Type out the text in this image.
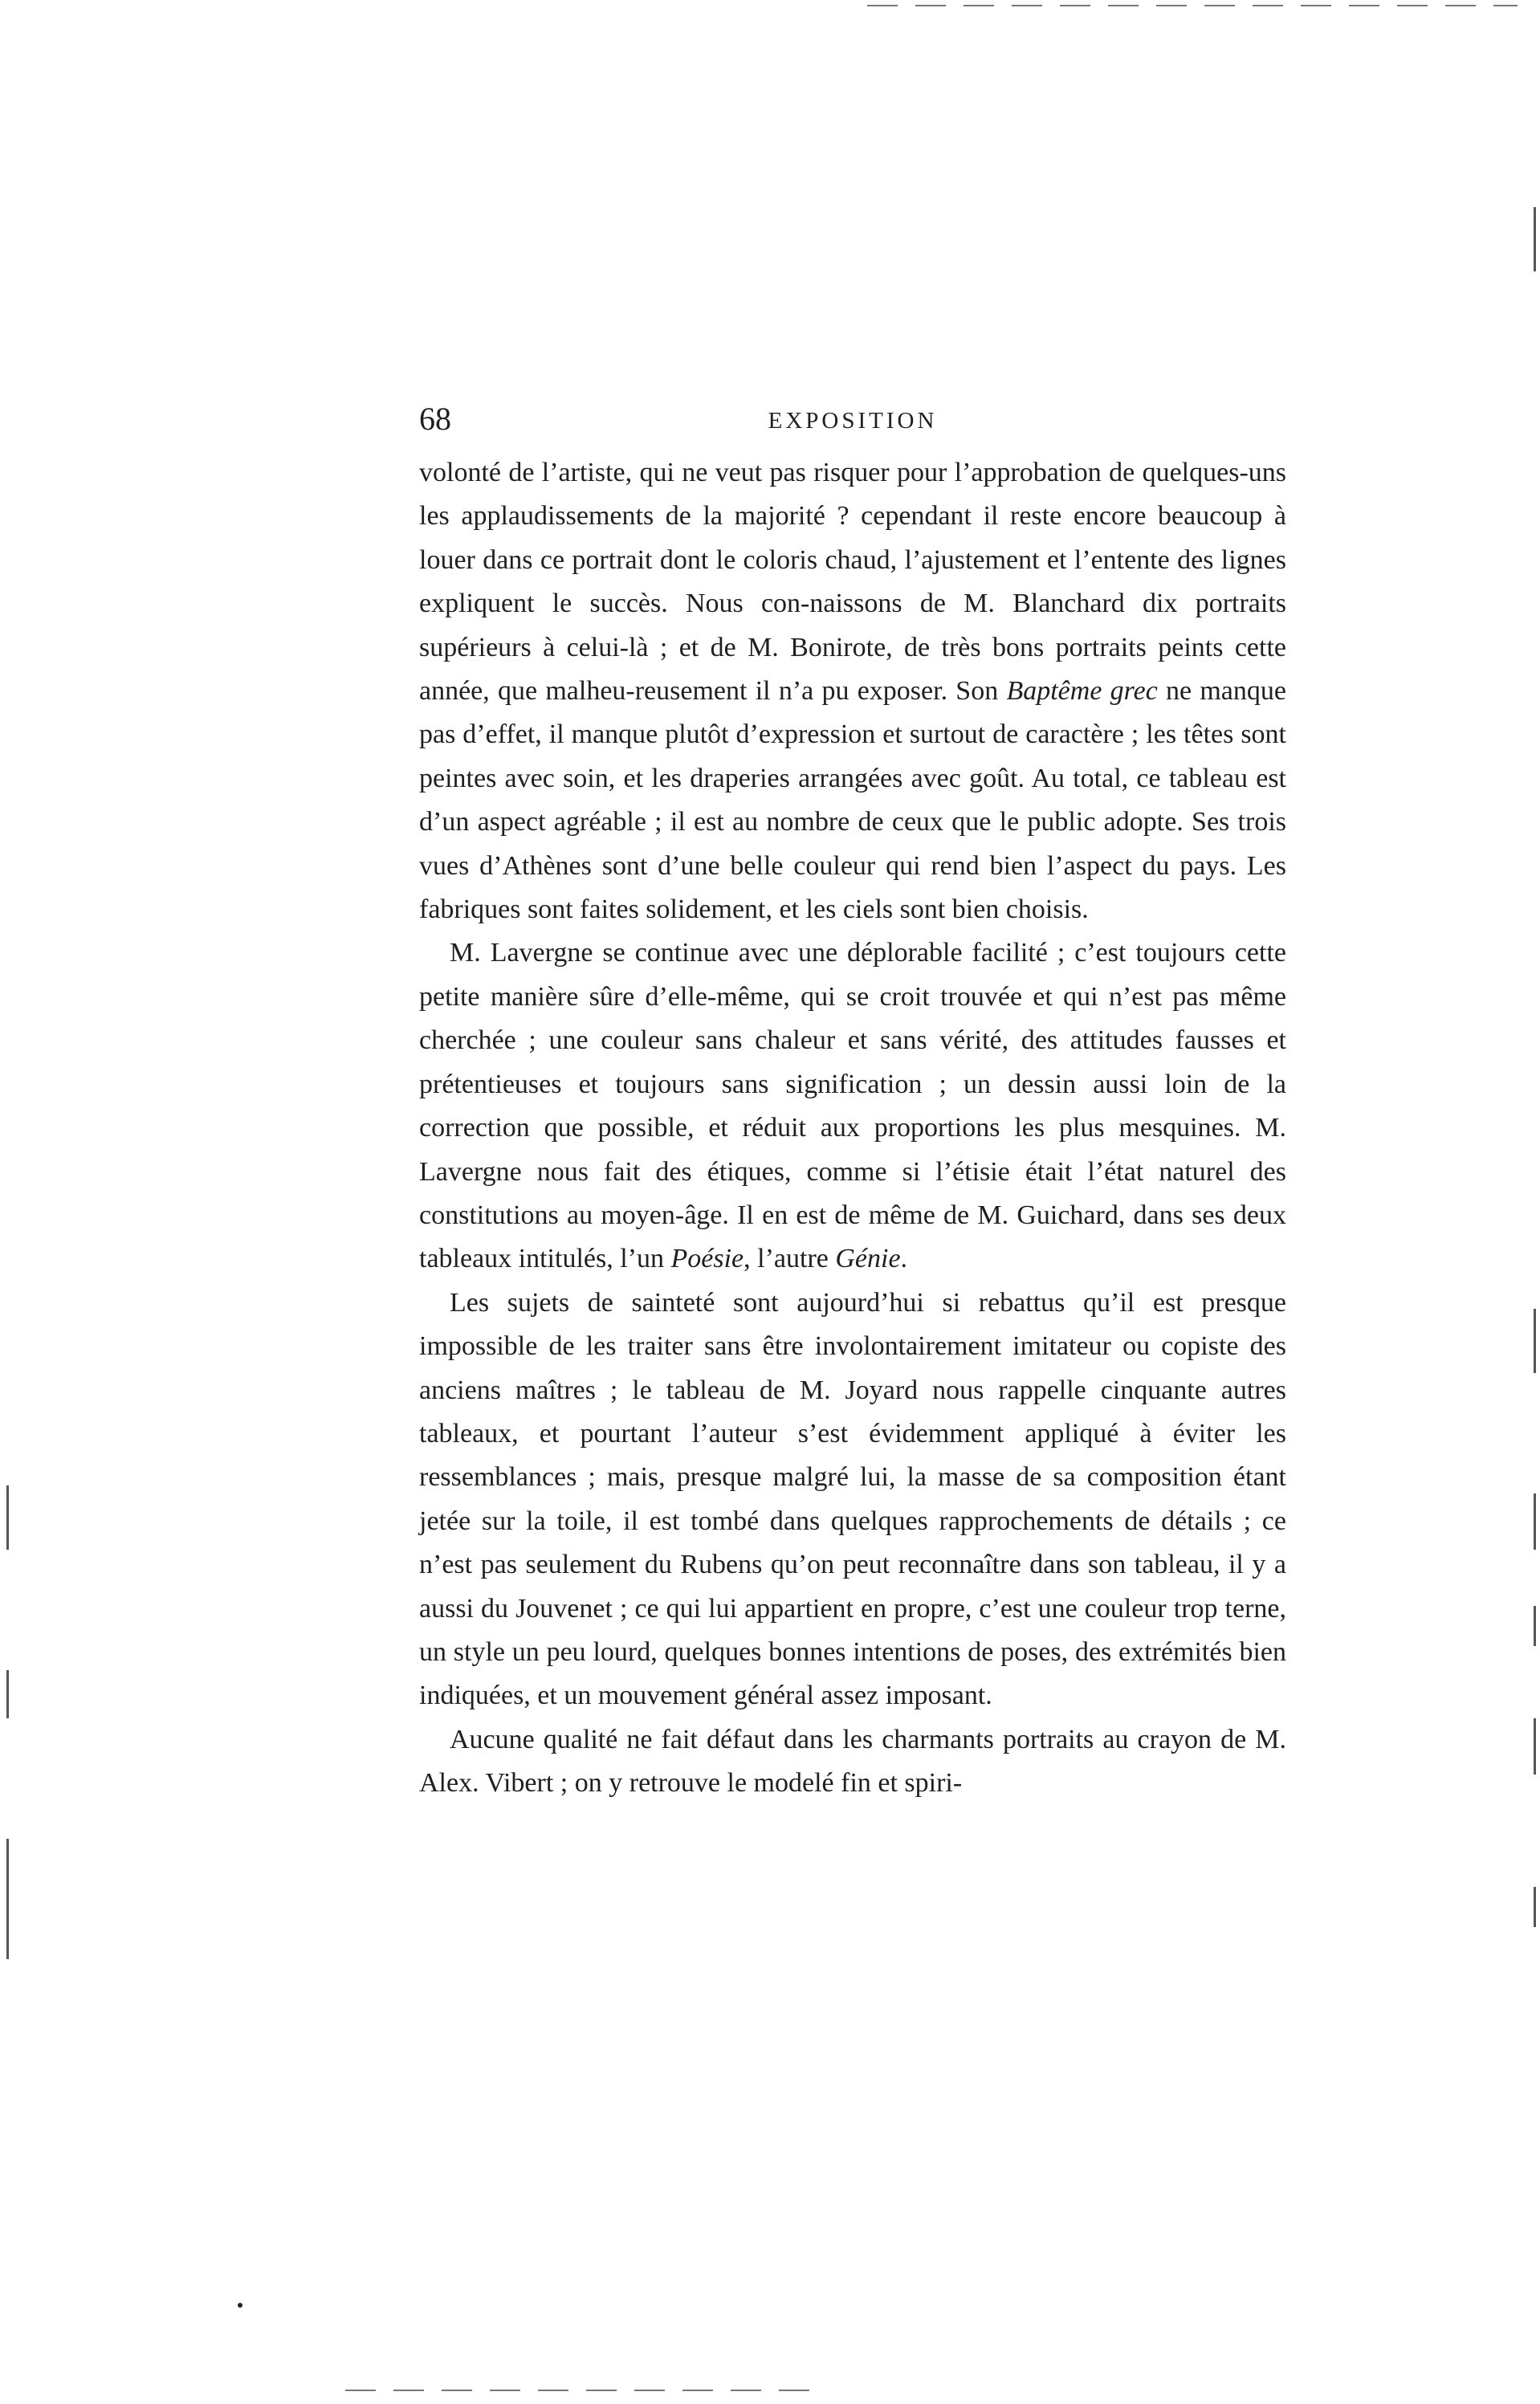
68	EXPOSITION

volonté de l’artiste, qui ne veut pas risquer pour l’approbation de quelques-uns les applaudissements de la majorité ? cependant il reste encore beaucoup à louer dans ce portrait dont le coloris chaud, l’ajustement et l’entente des lignes expliquent le succès. Nous con-naissons de M. Blanchard dix portraits supérieurs à celui-là ; et de M. Bonirote, de très bons portraits peints cette année, que malheu-reusement il n’a pu exposer. Son Baptême grec ne manque pas d’effet, il manque plutôt d’expression et surtout de caractère ; les têtes sont peintes avec soin, et les draperies arrangées avec goût. Au total, ce tableau est d’un aspect agréable ; il est au nombre de ceux que le public adopte. Ses trois vues d’Athènes sont d’une belle couleur qui rend bien l’aspect du pays. Les fabriques sont faites solidement, et les ciels sont bien choisis.

M. Lavergne se continue avec une déplorable facilité ; c’est toujours cette petite manière sûre d’elle-même, qui se croit trouvée et qui n’est pas même cherchée ; une couleur sans chaleur et sans vérité, des attitudes fausses et prétentieuses et toujours sans signification ; un dessin aussi loin de la correction que possible, et réduit aux proportions les plus mesquines. M. Lavergne nous fait des étiques, comme si l’étisie était l’état naturel des constitutions au moyen-âge. Il en est de même de M. Guichard, dans ses deux tableaux intitulés, l’un Poésie, l’autre Génie.

Les sujets de sainteté sont aujourd’hui si rebattus qu’il est presque impossible de les traiter sans être involontairement imitateur ou copiste des anciens maîtres ; le tableau de M. Joyard nous rappelle cinquante autres tableaux, et pourtant l’auteur s’est évidemment appliqué à éviter les ressemblances ; mais, presque malgré lui, la masse de sa composition étant jetée sur la toile, il est tombé dans quelques rapprochements de détails ; ce n’est pas seulement du Rubens qu’on peut reconnaître dans son tableau, il y a aussi du Jouvenet ; ce qui lui appartient en propre, c’est une couleur trop terne, un style un peu lourd, quelques bonnes intentions de poses, des extrémités bien indiquées, et un mouvement général assez imposant.

Aucune qualité ne fait défaut dans les charmants portraits au crayon de M. Alex. Vibert ; on y retrouve le modelé fin et spiri-
